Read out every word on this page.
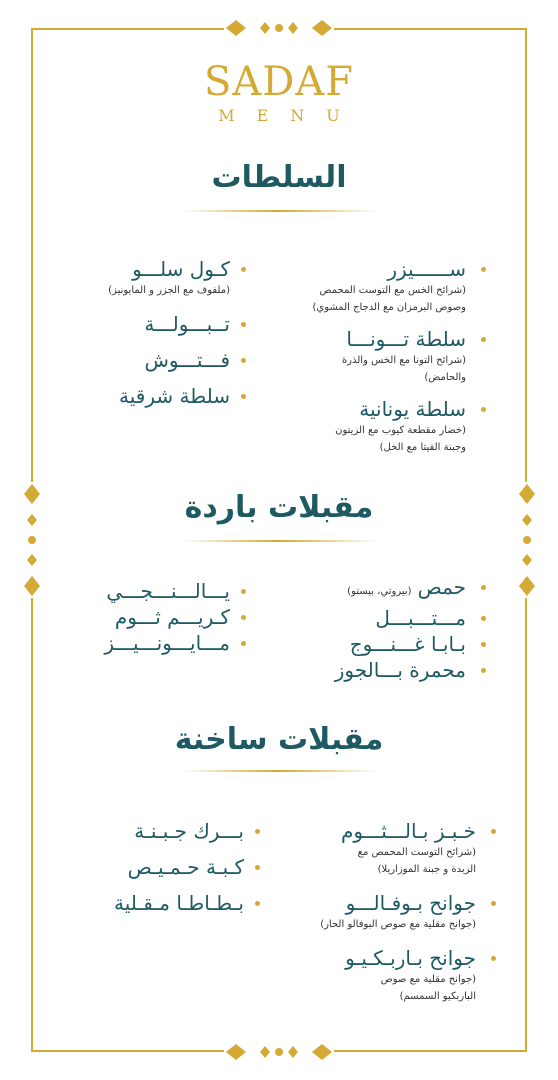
SADAF
MENU
السلطات
ســــــيزر
(شرائح الخس مع التوست المحمص
وصوص البرمزان مع الدجاج المشوي)
سلطة تـــونـــا
(شرائح التونا مع الخس والذرة
والحامض)
سلطة يونانية
(خضار مقطعة كيوب مع الزيتون
وجبنة الفيتا مع الخل)
كـول سلـــو
(ملفوف مع الجزر و المايونيز)
تــبـــولـــة
فـــتـــوش
سلطة شرقية
مقبلات باردة
حمص(بيروتي، بيستو)
مـــتـــبـــل
بـابـا غـــنـــوج
محمرة بـــالجوز
يـــالـــنـــجـــي
كـريـــم ثـــوم
مـــايـــونـــيـــز
مقبلات ساخنة
خـبـز بـالـــثـــوم
(شرائح التوست المحمص مع
الزبدة و جبنة الموزاريلا)
جوانح بـوفـالـــو
(جوانح مقلية مع صوص البوفالو الحار)
جوانح بـاربـكـيـو
(جوانح مقلية مع صوص
الباربكيو السمسم)
بـــرك جـبـنـة
كـبـة حـمـيـص
بـطـاطـا مـقـلية
